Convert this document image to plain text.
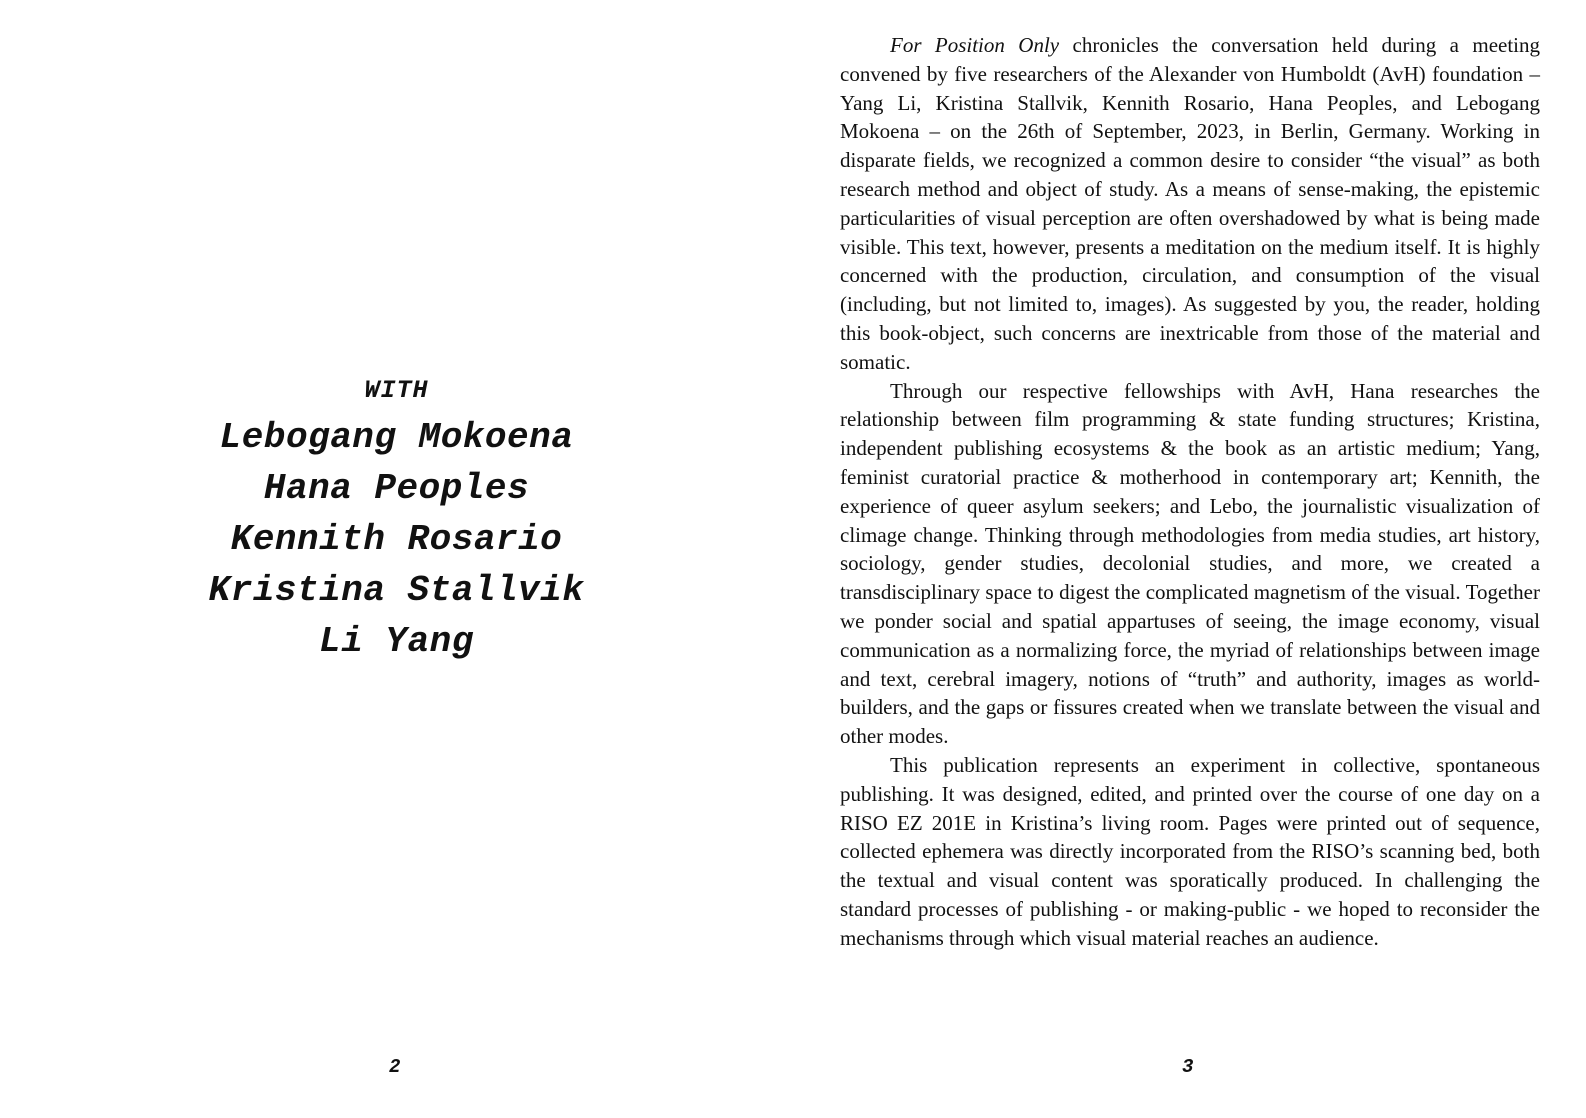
WITH
Lebogang Mokoena
Hana Peoples
Kennith Rosario
Kristina Stallvik
Li Yang
2

For Position Only chronicles the conversation held during a meeting convened by five researchers of the Alexander von Humboldt (AvH) foundation – Yang Li, Kristina Stallvik, Kennith Rosario, Hana Peoples, and Lebogang Mokoena – on the 26th of September, 2023, in Berlin, Germany. Working in disparate fields, we recognized a common desire to consider “the visual” as both research method and object of study. As a means of sense-making, the epistemic particularities of visual perception are often overshadowed by what is being made visible. This text, however, presents a meditation on the medium itself. It is highly concerned with the production, circulation, and consumption of the visual (including, but not limited to, images). As suggested by you, the reader, holding this book-object, such concerns are inextricable from those of the material and somatic.

Through our respective fellowships with AvH, Hana researches the relationship between film programming & state funding structures; Kristina, independent publishing ecosystems & the book as an artistic medium; Yang, feminist curatorial practice & motherhood in contemporary art; Kennith, the experience of queer asylum seekers; and Lebo, the journalistic visualization of climage change. Thinking through methodologies from media studies, art history, sociology, gender studies, decolonial studies, and more, we created a transdisciplinary space to digest the complicated magnetism of the visual. Together we ponder social and spatial appartuses of seeing, the image economy, visual communication as a normalizing force, the myriad of relationships between image and text, cerebral imagery, notions of “truth” and authority, images as world-builders, and the gaps or fissures created when we translate between the visual and other modes.

This publication represents an experiment in collective, spontaneous publishing. It was designed, edited, and printed over the course of one day on a RISO EZ 201E in Kristina’s living room. Pages were printed out of sequence, collected ephemera was directly incorporated from the RISO’s scanning bed, both the textual and visual content was sporatically produced. In challenging the standard processes of publishing - or making-public - we hoped to reconsider the mechanisms through which visual material reaches an audience.

3
